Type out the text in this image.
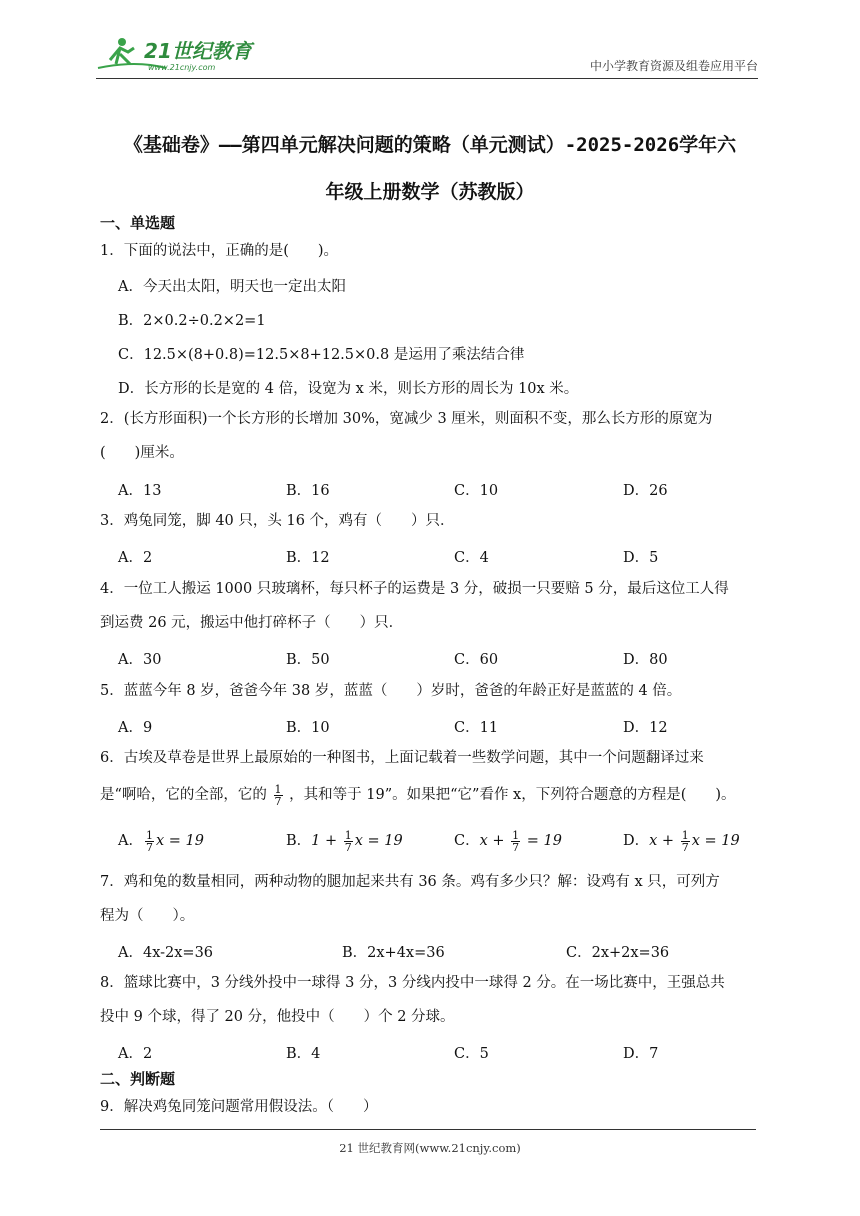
21世纪教育
www.21cnjy.com	中小学教育资源及组卷应用平台
《基础卷》——第四单元解决问题的策略（单元测试）-2025-2026学年六
年级上册数学（苏教版）
一、单选题
1．下面的说法中，正确的是(　　)。
A．今天出太阳，明天也一定出太阳
B．2×0.2÷0.2×2=1
C．12.5×(8+0.8)=12.5×8+12.5×0.8 是运用了乘法结合律
D．长方形的长是宽的 4 倍，设宽为 x 米，则长方形的周长为 10x 米。
2．(长方形面积)一个长方形的长增加 30%，宽减少 3 厘米，则面积不变，那么长方形的原宽为
(　　)厘米。
A．13	B．16	C．10	D．26
3．鸡兔同笼，脚 40 只，头 16 个，鸡有（　　）只．
A．2	B．12	C．4	D．5
4．一位工人搬运 1000 只玻璃杯，每只杯子的运费是 3 分，破损一只要赔 5 分，最后这位工人得
到运费 26 元，搬运中他打碎杯子（　　）只．
A．30	B．50	C．60	D．80
5．蓝蓝今年 8 岁，爸爸今年 38 岁，蓝蓝（　　）岁时，爸爸的年龄正好是蓝蓝的 4 倍。
A．9	B．10	C．11	D．12
6．古埃及草卷是世界上最原始的一种图书，上面记载着一些数学问题，其中一个问题翻译过来
是“啊哈，它的全部，它的 $\frac{1}{7}$ ，其和等于 19”。如果把“它”看作 x，下列符合题意的方程是(　　)。
A． $\frac{1}{7}$ x = 19	B．$1 + \frac{1}{7}$ x = 19	C．$x + \frac{1}{7} = 19$	D．$x + \frac{1}{7}$ x = 19
7．鸡和兔的数量相同，两种动物的腿加起来共有 36 条。鸡有多少只？解：设鸡有 x 只，可列方
程为（　　）。
A．4x-2x=36	B．2x+4x=36	C．2x+2x=36
8．篮球比赛中，3 分线外投中一球得 3 分，3 分线内投中一球得 2 分。在一场比赛中，王强总共
投中 9 个球，得了 20 分，他投中（　　）个 2 分球。
A．2	B．4	C．5	D．7
二、判断题
9．解决鸡兔同笼问题常用假设法。（　　）
21 世纪教育网(www.21cnjy.com)
